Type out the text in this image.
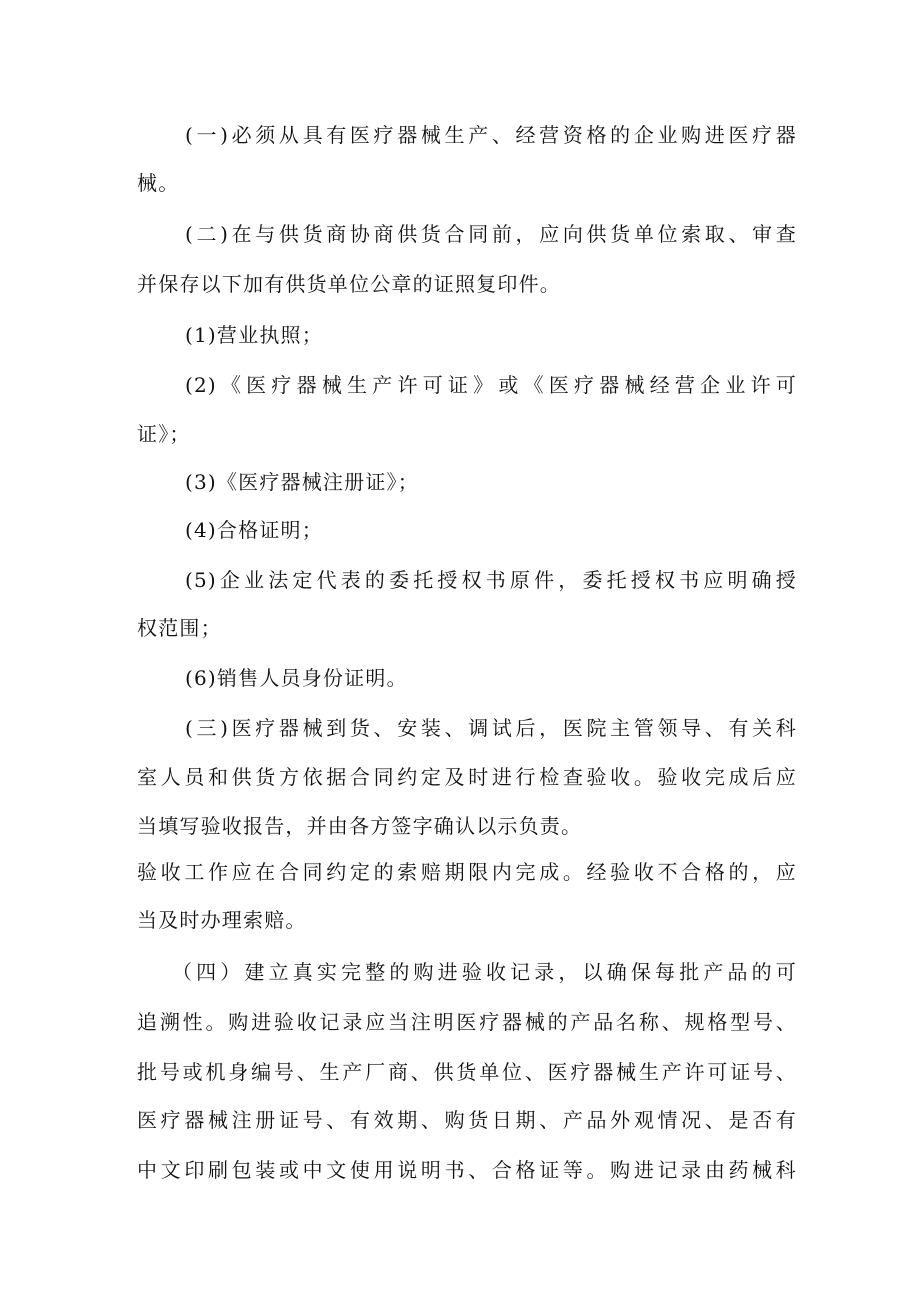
(一)必须从具有医疗器械生产、经营资格的企业购进医疗器
械。
(二)在与供货商协商供货合同前，应向供货单位索取、审查
并保存以下加有供货单位公章的证照复印件。
(1)营业执照；
(2)《医疗器械生产许可证》或《医疗器械经营企业许可
证》；
(3)《医疗器械注册证》；
(4)合格证明；
(5)企业法定代表的委托授权书原件，委托授权书应明确授
权范围；
(6)销售人员身份证明。
(三)医疗器械到货、安装、调试后，医院主管领导、有关科
室人员和供货方依据合同约定及时进行检查验收。验收完成后应
当填写验收报告，并由各方签字确认以示负责。
验收工作应在合同约定的索赔期限内完成。经验收不合格的，应
当及时办理索赔。
（四）建立真实完整的购进验收记录，以确保每批产品的可
追溯性。购进验收记录应当注明医疗器械的产品名称、规格型号、
批号或机身编号、生产厂商、供货单位、医疗器械生产许可证号、
医疗器械注册证号、有效期、购货日期、产品外观情况、是否有
中文印刷包装或中文使用说明书、合格证等。购进记录由药械科
